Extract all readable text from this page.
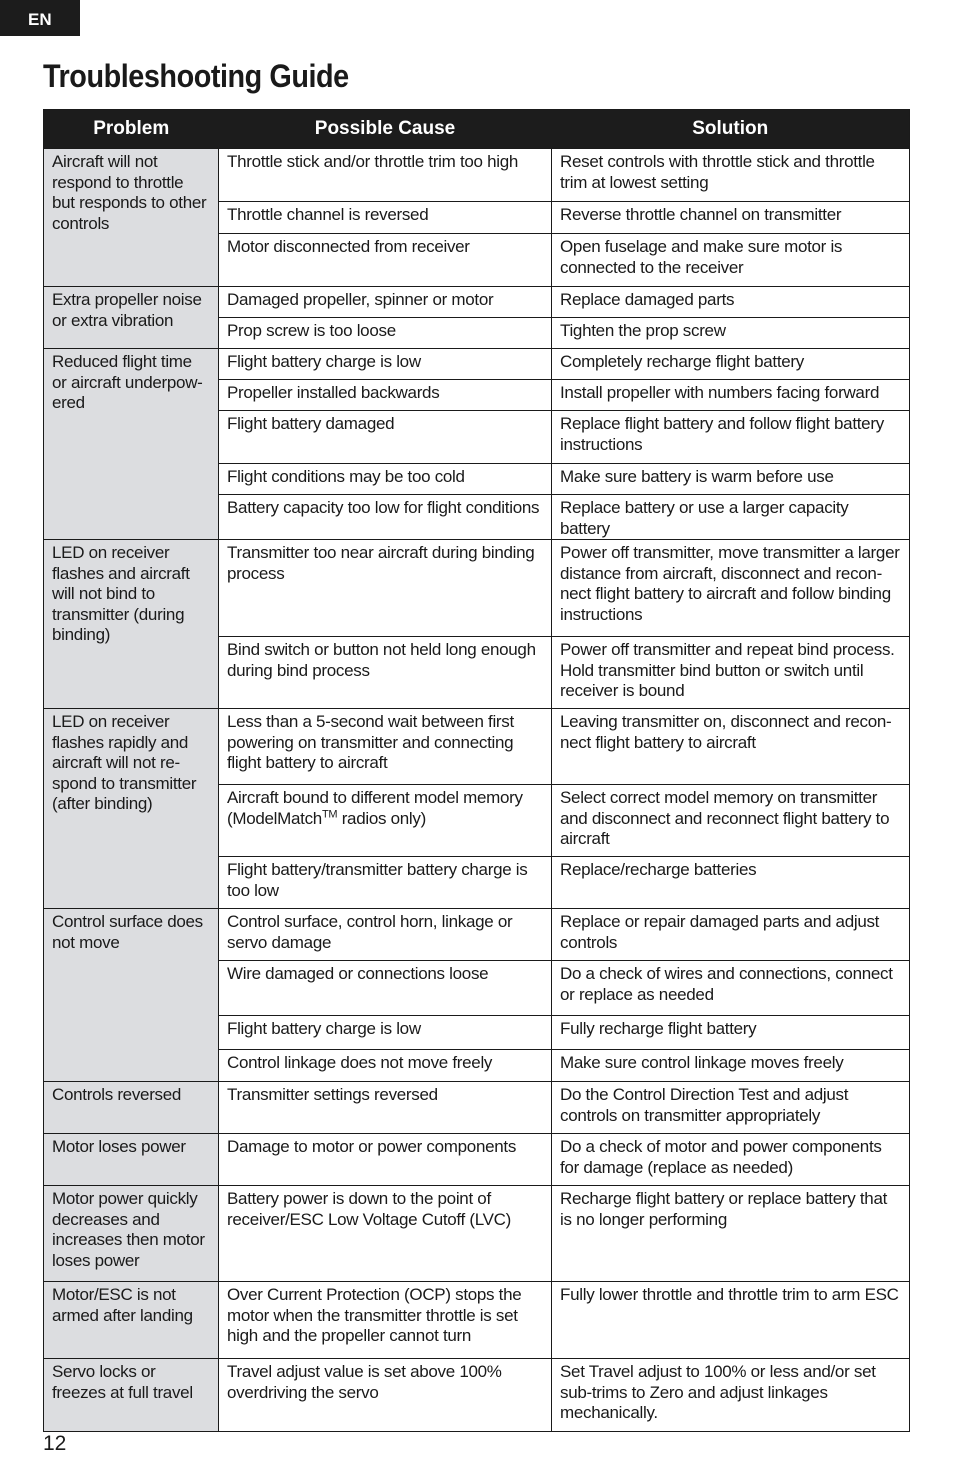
EN
Troubleshooting Guide
Problem	Possible Cause	Solution
Aircraft will not respond to throttle but responds to other controls	Throttle stick and/or throttle trim too high	Reset controls with throttle stick and throttle trim at lowest setting
	Throttle channel is reversed	Reverse throttle channel on transmitter
	Motor disconnected from receiver	Open fuselage and make sure motor is connected to the receiver
Extra propeller noise or extra vibration	Damaged propeller, spinner or motor	Replace damaged parts
	Prop screw is too loose	Tighten the prop screw
Reduced flight time or aircraft underpow-ered	Flight battery charge is low	Completely recharge flight battery
	Propeller installed backwards	Install propeller with numbers facing forward
	Flight battery damaged	Replace flight battery and follow flight battery instructions
	Flight conditions may be too cold	Make sure battery is warm before use
	Battery capacity too low for flight conditions	Replace battery or use a larger capacity battery
LED on receiver flashes and aircraft will not bind to transmitter (during binding)	Transmitter too near aircraft during binding process	Power off transmitter, move transmitter a larger distance from aircraft, disconnect and recon-nect flight battery to aircraft and follow binding instructions
	Bind switch or button not held long enough during bind process	Power off transmitter and repeat bind process. Hold transmitter bind button or switch until receiver is bound
LED on receiver flashes rapidly and aircraft will not re-spond to transmitter (after binding)	Less than a 5-second wait between first powering on transmitter and connecting flight battery to aircraft	Leaving transmitter on, disconnect and recon-nect flight battery to aircraft
	Aircraft bound to different model memory (ModelMatch™ radios only)	Select correct model memory on transmitter and disconnect and reconnect flight battery to aircraft
	Flight battery/transmitter battery charge is too low	Replace/recharge batteries
Control surface does not move	Control surface, control horn, linkage or servo damage	Replace or repair damaged parts and adjust controls
	Wire damaged or connections loose	Do a check of wires and connections, connect or replace as needed
	Flight battery charge is low	Fully recharge flight battery
	Control linkage does not move freely	Make sure control linkage moves freely
Controls reversed	Transmitter settings reversed	Do the Control Direction Test and adjust controls on transmitter appropriately
Motor loses power	Damage to motor or power components	Do a check of motor and power components for damage (replace as needed)
Motor power quickly decreases and increases then motor loses power	Battery power is down to the point of receiver/ESC Low Voltage Cutoff (LVC)	Recharge flight battery or replace battery that is no longer performing
Motor/ESC is not armed after landing	Over Current Protection (OCP) stops the motor when the transmitter throttle is set high and the propeller cannot turn	Fully lower throttle and throttle trim to arm ESC
Servo locks or freezes at full travel	Travel adjust value is set above 100% overdriving the servo	Set Travel adjust to 100% or less and/or set sub-trims to Zero and adjust linkages mechanically.
12
